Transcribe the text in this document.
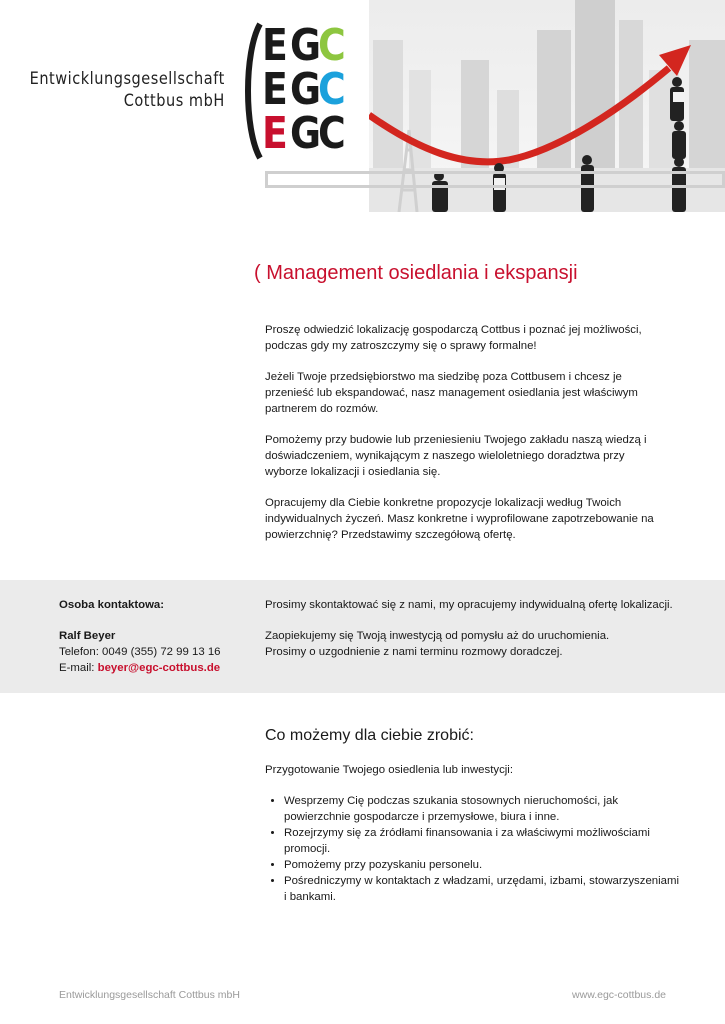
Entwicklungsgesellschaft
Cottbus mbH
E G
C
E G
C
E G
C
( Management osiedlania i ekspansji

Proszę odwiedzić lokalizację gospodarczą Cottbus i poznać jej możliwości, podczas gdy my zatroszczymy się o sprawy formalne!

Jeżeli Twoje przedsiębiorstwo ma siedzibę poza Cottbusem i chcesz je przenieść lub ekspandować, nasz management osiedlania jest właściwym partnerem do rozmów.

Pomożemy przy budowie lub przeniesieniu Twojego zakładu naszą wiedzą i doświadczeniem, wynikającym z naszego wieloletniego doradztwa przy wyborze lokalizacji i osiedlania się.

Opracujemy dla Ciebie konkretne propozycje lokalizacji według Twoich indywidualnych życzeń. Masz konkretne i wyprofilowane zapotrzebowanie na powierzchnię? Przedstawimy szczegółową ofertę.

Osoba kontaktowa:
Ralf Beyer
Telefon: 0049 (355) 72 99 13 16
E-mail: beyer@egc-cottbus.de

Prosimy skontaktować się z nami, my opracujemy indywidualną ofertę lokalizacji.

Zaopiekujemy się Twoją inwestycją od pomysłu aż do uruchomienia.
Prosimy o uzgodnienie z nami terminu rozmowy doradczej.
Co możemy dla ciebie zrobić:
Przygotowanie Twojego osiedlenia lub inwestycji:
• Wesprzemy Cię podczas szukania stosownych nieruchomości, jak powierzchnie gospodarcze i przemysłowe, biura i inne.
• Rozejrzymy się za źródłami finansowania i za właściwymi możliwościami promocji.
• Pomożemy przy pozyskaniu personelu.
• Pośredniczymy w kontaktach z władzami, urzędami, izbami, stowarzyszeniami i bankami.
Entwicklungsgesellschaft Cottbus mbH	www.egc-cottbus.de
